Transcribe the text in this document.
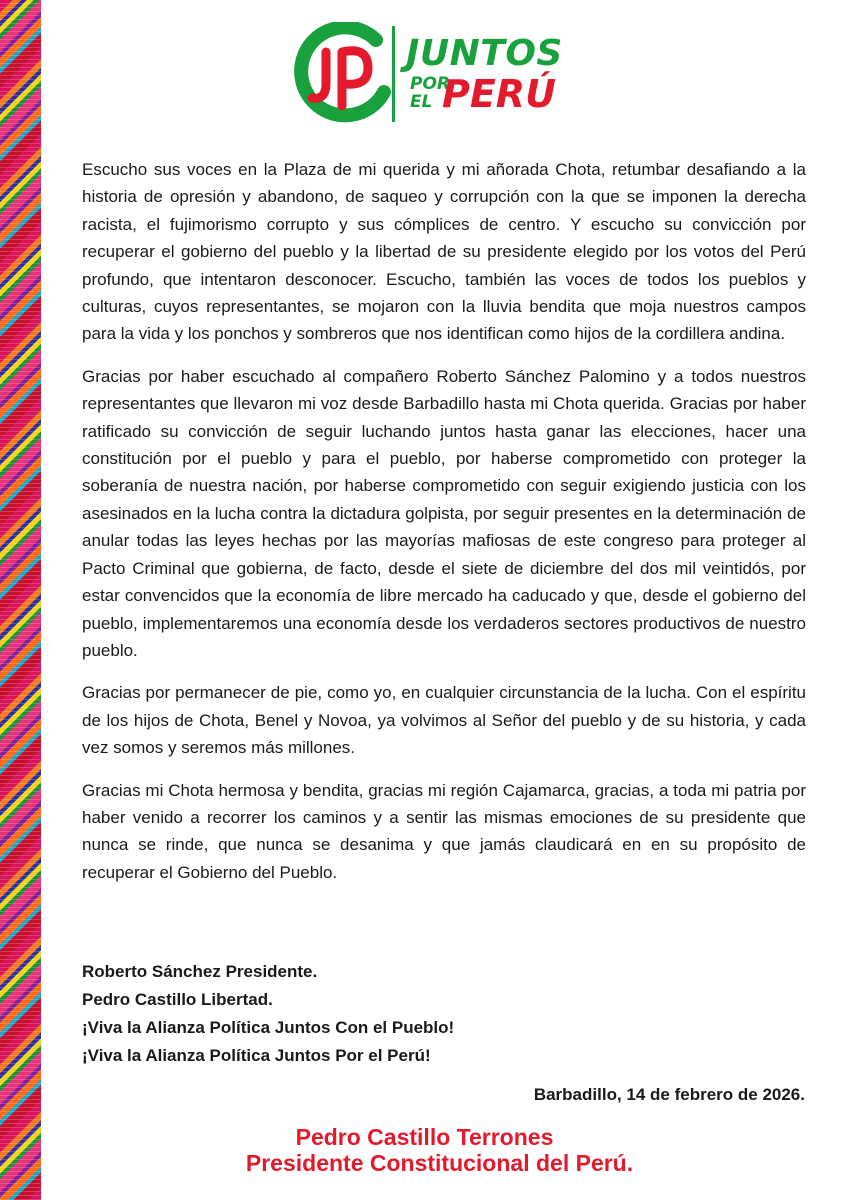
JUNTOS
POR
EL PERÚ

Escucho sus voces en la Plaza de mi querida y mi añorada Chota, retumbar desafiando a la historia de opresión y abandono, de saqueo y corrupción con la que se imponen la derecha racista, el fujimorismo corrupto y sus cómplices de centro. Y escucho su convicción por recuperar el gobierno del pueblo y la libertad de su presidente elegido por los votos del Perú profundo, que intentaron desconocer. Escucho, también las voces de todos los pueblos y culturas, cuyos representantes, se mojaron con la lluvia bendita que moja nuestros campos para la vida y los ponchos y sombreros que nos identifican como hijos de la cordillera andina.

Gracias por haber escuchado al compañero Roberto Sánchez Palomino y a todos nuestros representantes que llevaron mi voz desde Barbadillo hasta mi Chota querida. Gracias por haber ratificado su convicción de seguir luchando juntos hasta ganar las elecciones, hacer una constitución por el pueblo y para el pueblo, por haberse comprometido con proteger la soberanía de nuestra nación, por haberse comprometido con seguir exigiendo justicia con los asesinados en la lucha contra la dictadura golpista, por seguir presentes en la determinación de anular todas las leyes hechas por las mayorías mafiosas de este congreso para proteger al Pacto Criminal que gobierna, de facto, desde el siete de diciembre del dos mil veintidós, por estar convencidos que la economía de libre mercado ha caducado y que, desde el gobierno del pueblo, implementaremos una economía desde los verdaderos sectores productivos de nuestro pueblo.

Gracias por permanecer de pie, como yo, en cualquier circunstancia de la lucha. Con el espíritu de los hijos de Chota, Benel y Novoa, ya volvimos al Señor del pueblo y de su historia, y cada vez somos y seremos más millones.

Gracias mi Chota hermosa y bendita, gracias mi región Cajamarca, gracias, a toda mi patria por haber venido a recorrer los caminos y a sentir las mismas emociones de su presidente que nunca se rinde, que nunca se desanima y que jamás claudicará en en su propósito de recuperar el Gobierno del Pueblo.

Roberto Sánchez Presidente.
Pedro Castillo Libertad.
¡Viva la Alianza Política Juntos Con el Pueblo!
¡Viva la Alianza Política Juntos Por el Perú!
Barbadillo, 14 de febrero de 2026.
Pedro Castillo Terrones
Presidente Constitucional del Perú.
